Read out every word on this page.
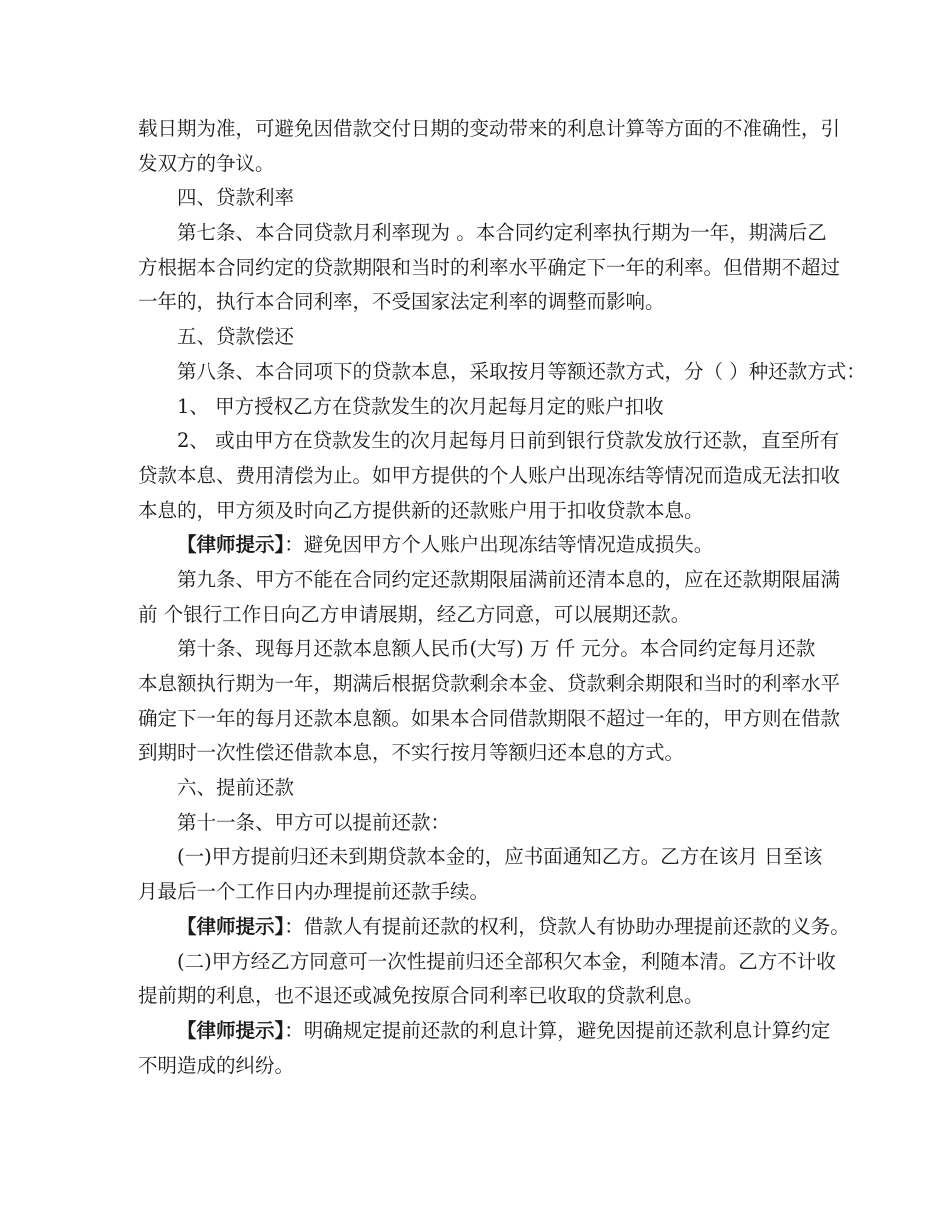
载日期为准，可避免因借款交付日期的变动带来的利息计算等方面的不准确性，引
发双方的争议。
四、贷款利率
第七条、本合同贷款月利率现为 。本合同约定利率执行期为一年，期满后乙
方根据本合同约定的贷款期限和当时的利率水平确定下一年的利率。但借期不超过
一年的，执行本合同利率，不受国家法定利率的调整而影响。
五、贷款偿还
第八条、本合同项下的贷款本息，采取按月等额还款方式，分（ ）种还款方式：
1、 甲方授权乙方在贷款发生的次月起每月定的账户扣收
2、 或由甲方在贷款发生的次月起每月日前到银行贷款发放行还款，直至所有
贷款本息、费用清偿为止。如甲方提供的个人账户出现冻结等情况而造成无法扣收
本息的，甲方须及时向乙方提供新的还款账户用于扣收贷款本息。
【律师提示】：避免因甲方个人账户出现冻结等情况造成损失。
第九条、甲方不能在合同约定还款期限届满前还清本息的，应在还款期限届满
前 个银行工作日向乙方申请展期，经乙方同意，可以展期还款。
第十条、现每月还款本息额人民币(大写) 万 仟 元分。本合同约定每月还款
本息额执行期为一年，期满后根据贷款剩余本金、贷款剩余期限和当时的利率水平
确定下一年的每月还款本息额。如果本合同借款期限不超过一年的，甲方则在借款
到期时一次性偿还借款本息，不实行按月等额归还本息的方式。
六、提前还款
第十一条、甲方可以提前还款：
(一)甲方提前归还未到期贷款本金的，应书面通知乙方。乙方在该月 日至该
月最后一个工作日内办理提前还款手续。
【律师提示】：借款人有提前还款的权利，贷款人有协助办理提前还款的义务。
(二)甲方经乙方同意可一次性提前归还全部积欠本金，利随本清。乙方不计收
提前期的利息，也不退还或减免按原合同利率已收取的贷款利息。
【律师提示】：明确规定提前还款的利息计算，避免因提前还款利息计算约定
不明造成的纠纷。
